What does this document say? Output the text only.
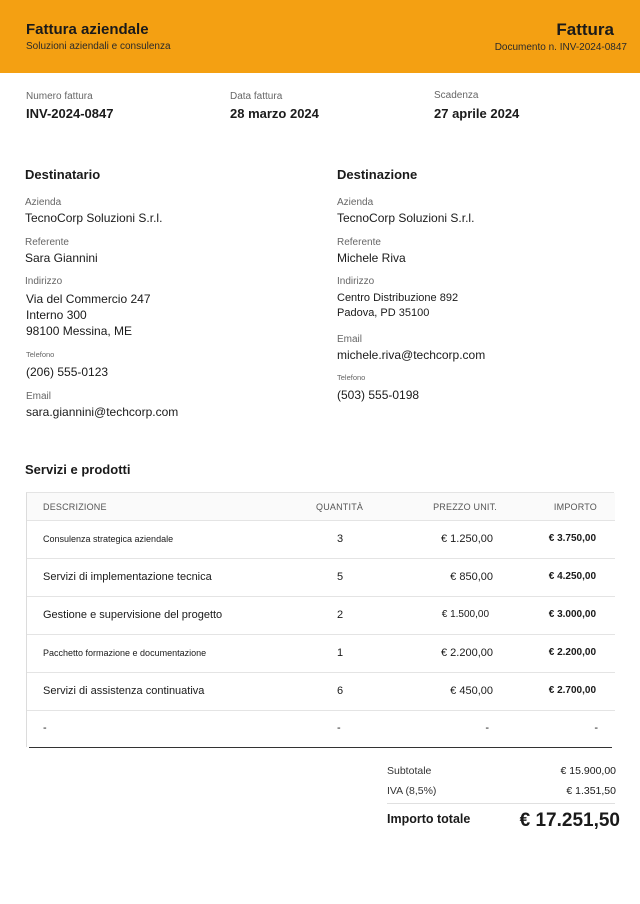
Fattura aziendale
Soluzioni aziendali e consulenza
Fattura
Documento n. INV-2024-0847
Numero fattura
INV-2024-0847
Data fattura
28 marzo 2024
Scadenza
27 aprile 2024
Destinatario
Azienda
TecnoCorp Soluzioni S.r.l.
Referente
Sara Giannini
Indirizzo
Via del Commercio 247
Interno 300
98100 Messina, ME
Telefono
(206) 555-0123
Email
sara.giannini@techcorp.com
Destinazione
Azienda
TecnoCorp Soluzioni S.r.l.
Referente
Michele Riva
Indirizzo
Centro Distribuzione 892
Padova, PD 35100
Email
michele.riva@techcorp.com
Telefono
(503) 555-0198
Servizi e prodotti
DESCRIZIONE	QUANTITÀ	PREZZO UNIT.	IMPORTO
Consulenza strategica aziendale	3	€ 1.250,00	€ 3.750,00
Servizi di implementazione tecnica	5	€ 850,00	€ 4.250,00
Gestione e supervisione del progetto	2	€ 1.500,00	€ 3.000,00
Pacchetto formazione e documentazione	1	€ 2.200,00	€ 2.200,00
Servizi di assistenza continuativa	6	€ 450,00	€ 2.700,00
-	-	-	-
Subtotale	€ 15.900,00
IVA (8,5%)	€ 1.351,50
Importo totale	€ 17.251,50
